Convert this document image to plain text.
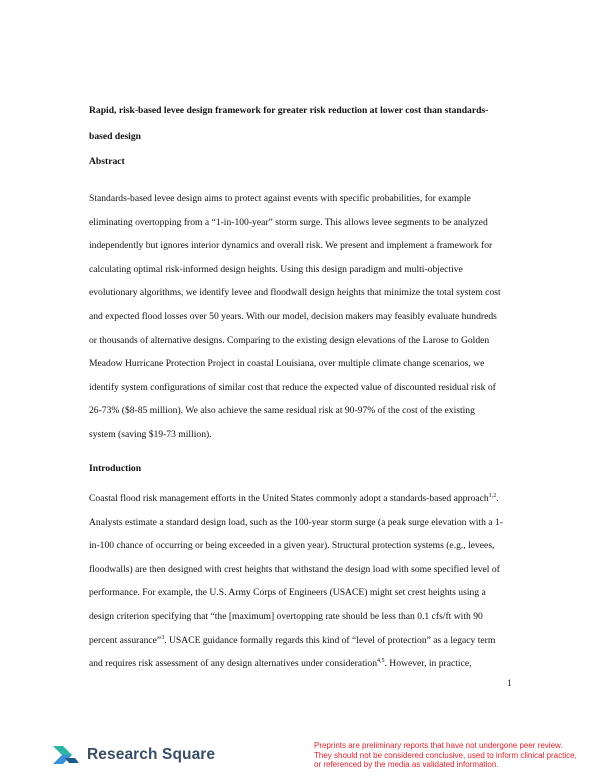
Rapid, risk-based levee design framework for greater risk reduction at lower cost than standards-
based design
Abstract

Standards-based levee design aims to protect against events with specific probabilities, for example
eliminating overtopping from a “1-in-100-year” storm surge. This allows levee segments to be analyzed
independently but ignores interior dynamics and overall risk. We present and implement a framework for
calculating optimal risk-informed design heights. Using this design paradigm and multi-objective
evolutionary algorithms, we identify levee and floodwall design heights that minimize the total system cost
and expected flood losses over 50 years. With our model, decision makers may feasibly evaluate hundreds
or thousands of alternative designs. Comparing to the existing design elevations of the Larose to Golden
Meadow Hurricane Protection Project in coastal Louisiana, over multiple climate change scenarios, we
identify system configurations of similar cost that reduce the expected value of discounted residual risk of
26-73% ($8-85 million). We also achieve the same residual risk at 90-97% of the cost of the existing
system (saving $19-73 million).

Introduction

Coastal flood risk management efforts in the United States commonly adopt a standards-based approach$^{1,2}$.
Analysts estimate a standard design load, such as the 100-year storm surge (a peak surge elevation with a 1-
in-100 chance of occurring or being exceeded in a given year). Structural protection systems (e.g., levees,
floodwalls) are then designed with crest heights that withstand the design load with some specified level of
performance. For example, the U.S. Army Corps of Engineers (USACE) might set crest heights using a
design criterion specifying that “the [maximum] overtopping rate should be less than 0.1 cfs/ft with 90
percent assurance”$^3$. USACE guidance formally regards this kind of “level of protection” as a legacy term
and requires risk assessment of any design alternatives under consideration$^{4,5}$. However, in practice,

1
Research Square

Preprints are preliminary reports that have not undergone peer review.
They should not be considered conclusive, used to inform clinical practice,
or referenced by the media as validated information.
